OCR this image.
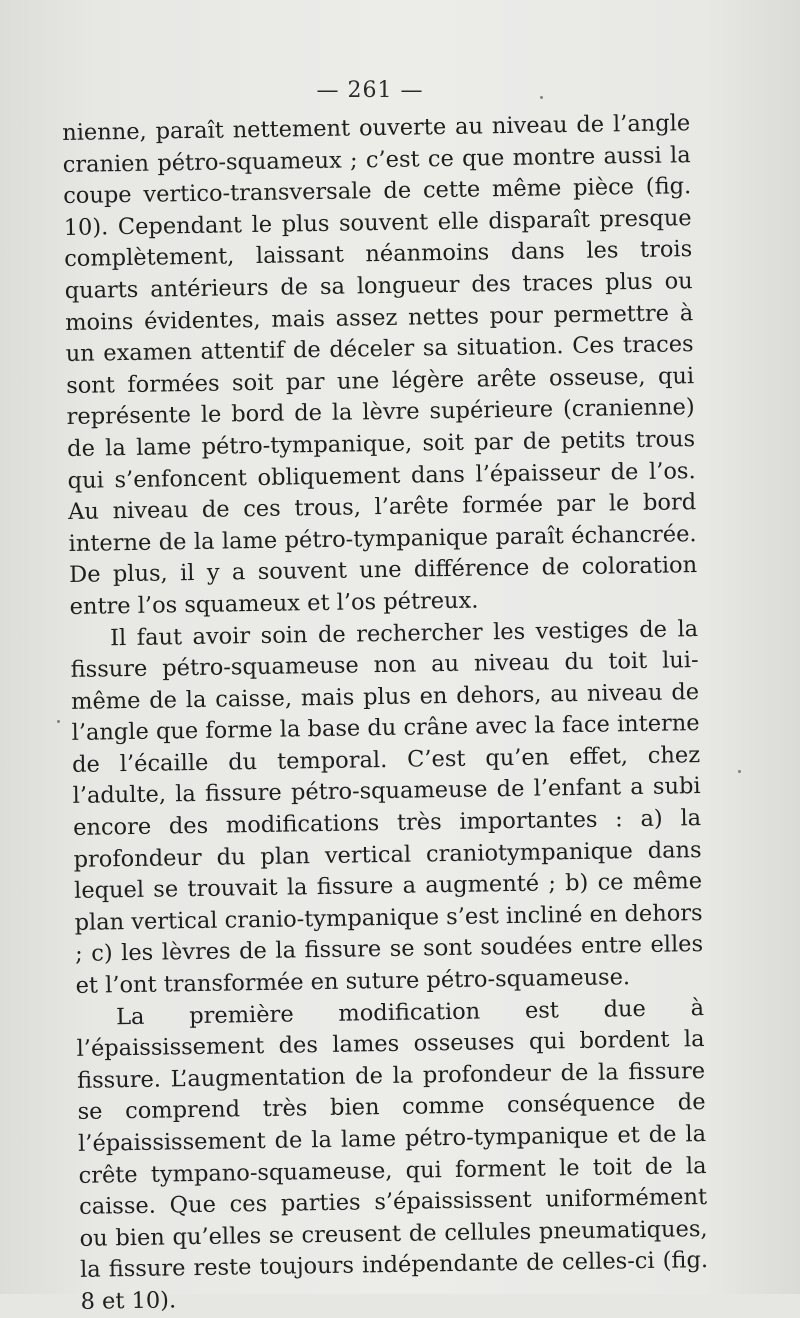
— 261 —

nienne, paraît nettement ouverte au niveau de l’angle cranien pétro-squameux ; c’est ce que montre aussi la coupe vertico-transversale de cette même pièce (fig. 10). Cependant le plus souvent elle disparaît presque complètement, laissant néanmoins dans les trois quarts antérieurs de sa longueur des traces plus ou moins évidentes, mais assez nettes pour permettre à un examen attentif de déceler sa situation. Ces traces sont formées soit par une légère arête osseuse, qui représente le bord de la lèvre supérieure (cranienne) de la lame pétro-tympanique, soit par de petits trous qui s’enfoncent obliquement dans l’épaisseur de l’os. Au niveau de ces trous, l’arête formée par le bord interne de la lame pétro-tympanique paraît échancrée. De plus, il y a souvent une différence de coloration entre l’os squameux et l’os pétreux.

Il faut avoir soin de rechercher les vestiges de la fissure pétro-squameuse non au niveau du toit lui-même de la caisse, mais plus en dehors, au niveau de l’angle que forme la base du crâne avec la face interne de l’écaille du temporal. C’est qu’en effet, chez l’adulte, la fissure pétro-squameuse de l’enfant a subi encore des modifications très importantes : a) la profondeur du plan vertical craniotympanique dans lequel se trouvait la fissure a augmenté ; b) ce même plan vertical cranio-tympanique s’est incliné en dehors ; c) les lèvres de la fissure se sont soudées entre elles et l’ont transformée en suture pétro-squameuse.

La première modification est due à l’épaississement des lames osseuses qui bordent la fissure. L’augmentation de la profondeur de la fissure se comprend très bien comme conséquence de l’épaississement de la lame pétro-tympanique et de la crête tympano-squameuse, qui forment le toit de la caisse. Que ces parties s’épaississent uniformément ou bien qu’elles se creusent de cellules pneumatiques, la fissure reste toujours indépendante de celles-ci (fig. 8 et 10).
